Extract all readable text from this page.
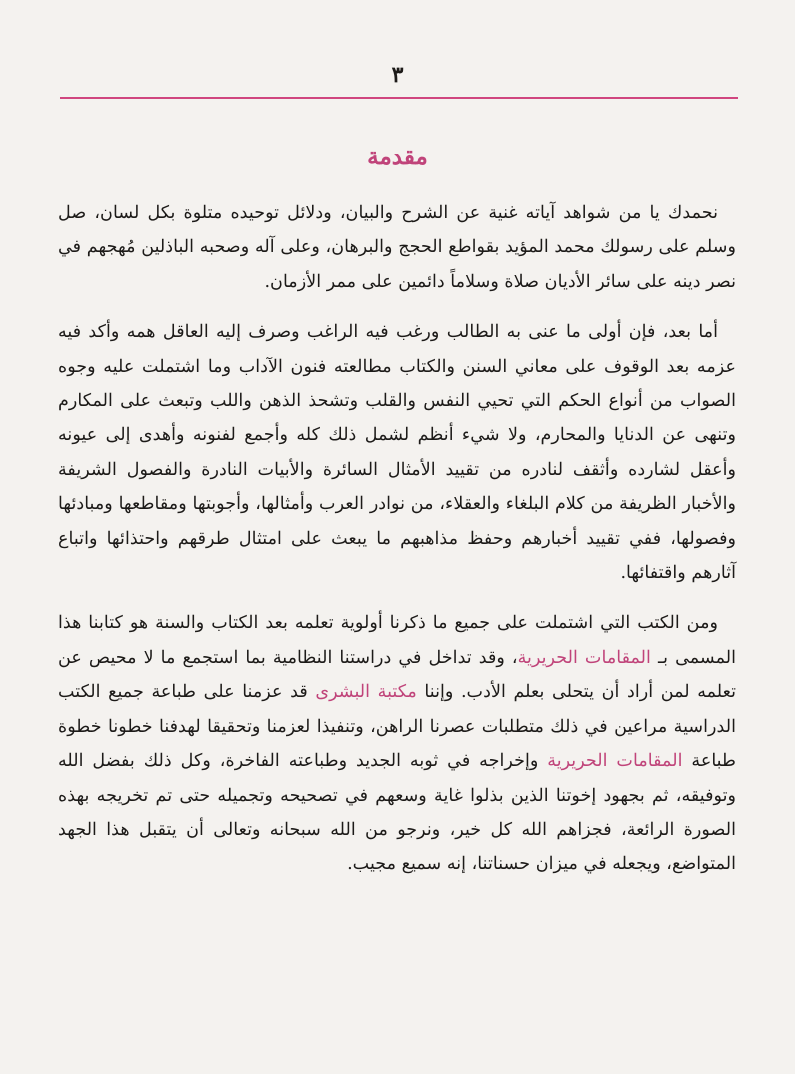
٣
مقدمة

نحمدك يا من شواهد آياته غنية عن الشرح والبيان، ودلائل توحيده متلوة بكل لسان، صل وسلم على رسولك محمد المؤيد بقواطع الحجج والبرهان، وعلى آله وصحبه الباذلين مُهجهم في نصر دينه على سائر الأديان صلاة وسلاماً دائمين على ممر الأزمان.

أما بعد، فإن أولى ما عنى به الطالب ورغب فيه الراغب وصرف إليه العاقل همه وأكد فيه عزمه بعد الوقوف على معاني السنن والكتاب مطالعته فنون الآداب وما اشتملت عليه وجوه الصواب من أنواع الحكم التي تحيي النفس والقلب وتشحذ الذهن واللب وتبعث على المكارم وتنهى عن الدنايا والمحارم، ولا شيء أنظم لشمل ذلك كله وأجمع لفنونه وأهدى إلى عيونه وأعقل لشارده وأثقف لنادره من تقييد الأمثال السائرة والأبيات النادرة والفصول الشريفة والأخبار الظريفة من كلام البلغاء والعقلاء، من نوادر العرب وأمثالها، وأجوبتها ومقاطعها ومبادئها وفصولها، ففي تقييد أخبارهم وحفظ مذاهبهم ما يبعث على امتثال طرقهم واحتذائها واتباع آثارهم واقتفائها.

ومن الكتب التي اشتملت على جميع ما ذكرنا أولوية تعلمه بعد الكتاب والسنة هو كتابنا هذا المسمى بـ المقامات الحريرية، وقد تداخل في دراستنا النظامية بما استجمع ما لا محيص عن تعلمه لمن أراد أن يتحلى بعلم الأدب. وإننا مكتبة البشرى قد عزمنا على طباعة جميع الكتب الدراسية مراعين في ذلك متطلبات عصرنا الراهن، وتنفيذا لعزمنا وتحقيقا لهدفنا خطونا خطوة طباعة المقامات الحريرية وإخراجه في ثوبه الجديد وطباعته الفاخرة، وكل ذلك بفضل الله وتوفيقه، ثم بجهود إخوتنا الذين بذلوا غاية وسعهم في تصحيحه وتجميله حتى تم تخريجه بهذه الصورة الرائعة، فجزاهم الله كل خير، ونرجو من الله سبحانه وتعالى أن يتقبل هذا الجهد المتواضع، ويجعله في ميزان حسناتنا، إنه سميع مجيب.
